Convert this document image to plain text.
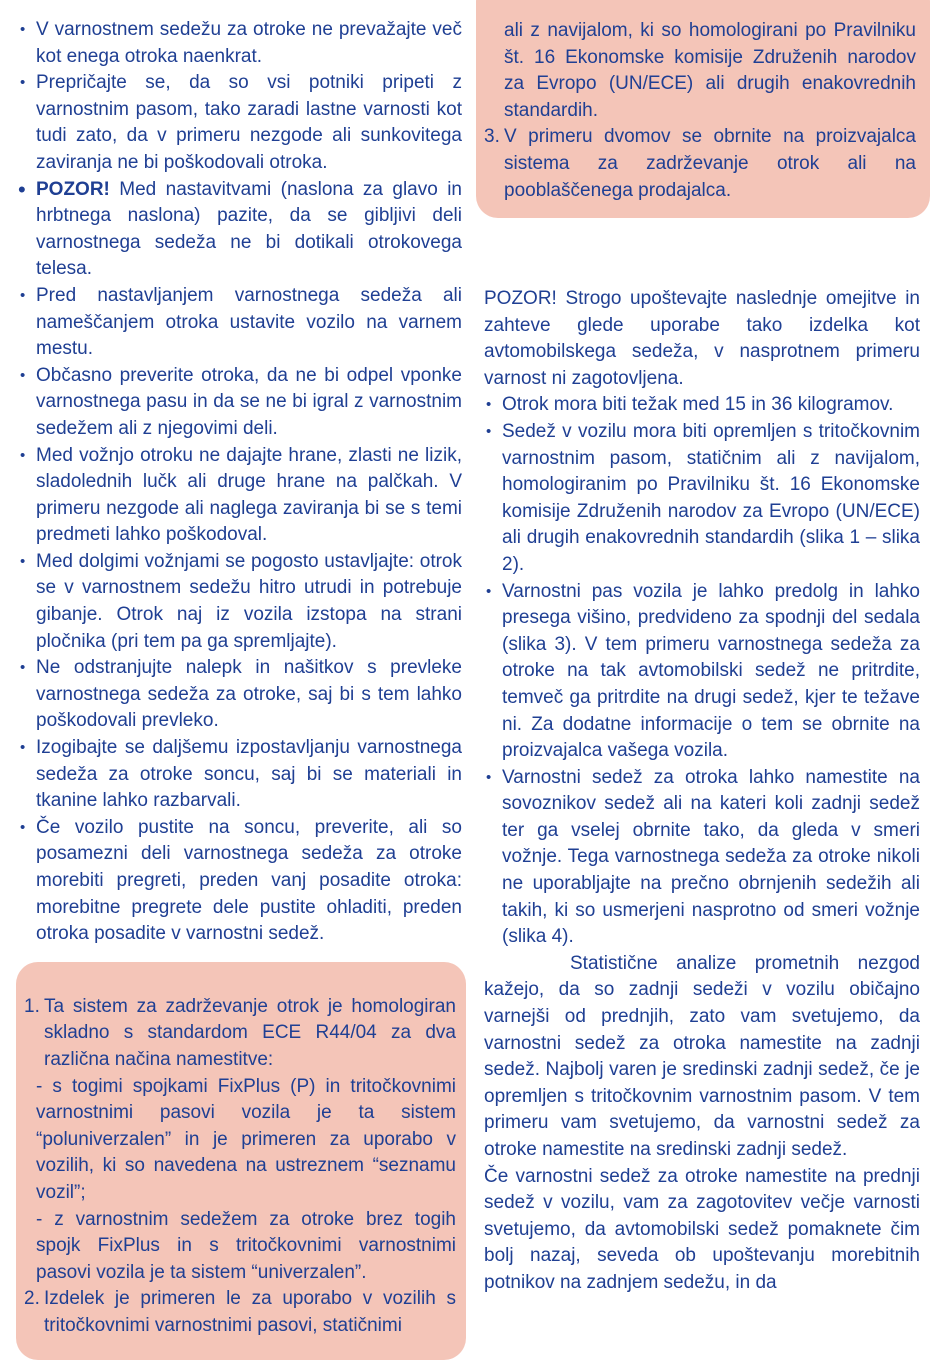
• V varnostnem sedežu za otroke ne prevažajte več kot enega otroka naenkrat.
• Prepričajte se, da so vsi potniki pripeti z varnostnim pasom, tako zaradi lastne varnosti kot tudi zato, da v primeru nezgode ali sunkovitega zaviranja ne bi poškodovali otroka.
• POZOR! Med nastavitvami (naslona za glavo in hrbtnega naslona) pazite, da se gibljivi deli varnostnega sedeža ne bi dotikali otrokovega telesa.
• Pred nastavljanjem varnostnega sedeža ali namеščanjem otroka ustavite vozilo na varnem mestu.
• Občasno preverite otroka, da ne bi odpel vponke varnostnega pasu in da se ne bi igral z varnostnim sedežem ali z njegovimi deli.
• Med vožnjo otroku ne dajajte hrane, zlasti ne lizik, sladolednih lučk ali druge hrane na palčkah. V primeru nezgode ali naglega zaviranja bi se s temi predmeti lahko poškodoval.
• Med dolgimi vožnjami se pogosto ustavljajte: otrok se v varnostnem sedežu hitro utrudi in potrebuje gibanje. Otrok naj iz vozila izstopa na strani pločnika (pri tem pa ga spremljajte).
• Ne odstranjujte nalepk in našitkov s prevleke varnostnega sedeža za otroke, saj bi s tem lahko poškodovali prevleko.
• Izogibajte se daljšemu izpostavljanju varnostnega sedeža za otroke soncu, saj bi se materiali in tkanine lahko razbarvali.
• Če vozilo pustite na soncu, preverite, ali so posamezni deli varnostnega sedeža za otroke morebiti pregreti, preden vanj posadite otroka: morebitne pregrete dele pustite ohladiti, preden otroka posadite v varnostni sedež.
1. Ta sistem za zadrževanje otrok je homologiran skladno s standardom ECE R44/04 za dva različna načina namestitve:
- s togimi spojkami FixPlus (P) in tritočkovnimi varnostnimi pasovi vozila je ta sistem “poluniverzalen” in je primeren za uporabo v vozilih, ki so navedena na ustreznem “seznamu vozil”;
- z varnostnim sedežem za otroke brez togih spojk FixPlus in s tritočkovnimi varnostnimi pasovi vozila je ta sistem “univerzalen”.
2. Izdelek je primeren le za uporabo v vozilih s tritočkovnimi varnostnimi pasovi, statičnimi
ali z navijalom, ki so homologirani po Pravilniku št. 16 Ekonomske komisije Združenih narodov za Evropo (UN/ECE) ali drugih enakovrednih standardih.
3. V primeru dvomov se obrnite na proizvajalca sistema za zadrževanje otrok ali na pooblaščenega prodajalca.

POZOR! Strogo upoštevajte naslednje omejitve in zahteve glede uporabe tako izdelka kot avtomobilskega sedeža, v nasprotnem primeru varnost ni zagotovljena.

• Otrok mora biti težak med 15 in 36 kilogramov.
• Sedež v vozilu mora biti opremljen s tritočkovnim varnostnim pasom, statičnim ali z navijalom, homologiranim po Pravilniku št. 16 Ekonomske komisije Združenih narodov za Evropo (UN/ECE) ali drugih enakovrednih standardih (slika 1 – slika 2).
• Varnostni pas vozila je lahko predolg in lahko presega višino, predvideno za spodnji del sedala (slika 3). V tem primeru varnostnega sedeža za otroke na tak avtomobilski sedež ne pritrdite, temveč ga pritrdite na drugi sedež, kjer te težave ni. Za dodatne informacije o tem se obrnite na proizvajalca vašega vozila.
• Varnostni sedež za otroka lahko namestite na sovoznikov sedež ali na kateri koli zadnji sedež ter ga vselej obrnite tako, da gleda v smeri vožnje. Tega varnostnega sedeža za otroke nikoli ne uporabljajte na prečno obrnjenih sedežih ali takih, ki so usmerjeni nasprotno od smeri vožnje (slika 4).

Statistične analize prometnih nezgod kažejo, da so zadnji sedeži v vozilu običajno varnejši od prednjih, zato vam svetujemo, da varnostni sedež za otroka namestite na zadnji sedež. Najbolj varen je sredinski zadnji sedež, če je opremljen s tritočkovnim varnostnim pasom. V tem primeru vam svetujemo, da varnostni sedež za otroke namestite na sredinski zadnji sedež.

Če varnostni sedež za otroke namestite na prednji sedež v vozilu, vam za zagotovitev večje varnosti svetujemo, da avtomobilski sedež pomaknete čim bolj nazaj, seveda ob upoštevanju morebitnih potnikov na zadnjem sedežu, in da
